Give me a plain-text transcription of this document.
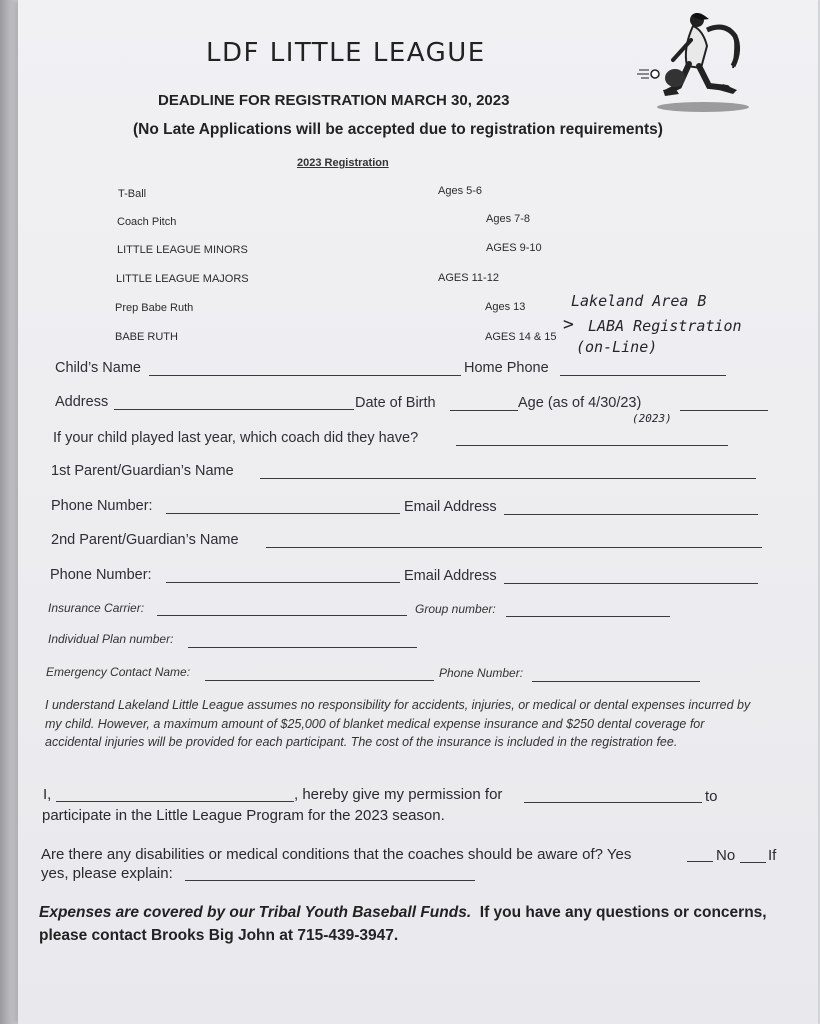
LDF LITTLE LEAGUE
DEADLINE FOR REGISTRATION MARCH 30, 2023
(No Late Applications will be accepted due to registration requirements)
2023 Registration
T-Ball	Ages 5-6
Coach Pitch	Ages 7-8
LITTLE LEAGUE MINORS	AGES 9-10
LITTLE LEAGUE MAJORS	AGES 11-12
Prep Babe Ruth	Ages 13
BABE RUTH	AGES 14 & 15
Lakeland Area B
> LABA Registration
(on-Line)
Child’s Name	Home Phone
Address	Date of Birth	Age (as of 4/30/23)
(2023)
If your child played last year, which coach did they have?
1st Parent/Guardian’s Name
Phone Number:	Email Address
2nd Parent/Guardian’s Name
Phone Number:	Email Address
Insurance Carrier:	Group number:
Individual Plan number:
Emergency Contact Name:	Phone Number:
I understand Lakeland Little League assumes no responsibility for accidents, injuries, or medical or dental expenses incurred by my child. However, a maximum amount of $25,000 of blanket medical expense insurance and $250 dental coverage for accidental injuries will be provided for each participant. The cost of the insurance is included in the registration fee.
I,	, hereby give my permission for	to
participate in the Little League Program for the 2023 season.
Are there any disabilities or medical conditions that the coaches should be aware of? Yes	No If
yes, please explain:
Expenses are covered by our Tribal Youth Baseball Funds. If you have any questions or concerns, please contact Brooks Big John at 715-439-3947.
